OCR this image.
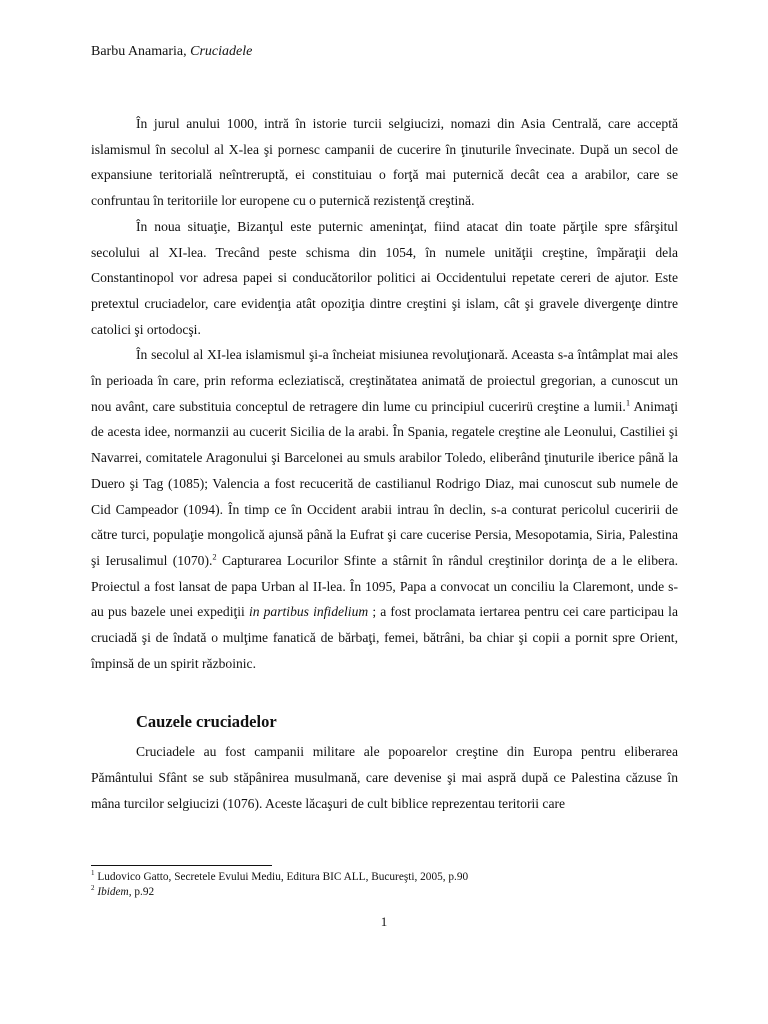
Barbu Anamaria, Cruciadele

În jurul anului 1000, intră în istorie turcii selgiucizi, nomazi din Asia Centrală, care acceptă islamismul în secolul al X-lea şi pornesc campanii de cucerire în ţinuturile învecinate. După un secol de expansiune teritorială neîntreruptă, ei constituiau o forţă mai puternică decât cea a arabilor, care se confruntau în teritoriile lor europene cu o puternică rezistenţă creştină.

În noua situaţie, Bizanţul este puternic ameninţat, fiind atacat din toate părţile spre sfârşitul secolului al XI-lea. Trecând peste schisma din 1054, în numele unităţii creştine, împăraţii dela Constantinopol vor adresa papei si conducătorilor politici ai Occidentului repetate cereri de ajutor. Este pretextul cruciadelor, care evidenţia atât opoziţia dintre creştini şi islam, cât şi gravele divergenţe dintre catolici şi ortodocşi.

În secolul al XI-lea islamismul şi-a încheiat misiunea revoluţionară. Aceasta s-a întâmplat mai ales în perioada în care, prin reforma ecleziatiscă, creştinătatea animată de proiectul gregorian, a cunoscut un nou avânt, care substituia conceptul de retragere din lume cu principiul cucerirü creştine a lumii.$^1$ Animaţi de acesta idee, normanzii au cucerit Sicilia de la arabi. În Spania, regatele creştine ale Leonului, Castiliei şi Navarrei, comitatele Aragonului şi Barcelonei au smuls arabilor Toledo, eliberând ţinuturile iberice până la Duero şi Tag (1085); Valencia a fost recucerită de castilianul Rodrigo Diaz, mai cunoscut sub numele de Cid Campeador (1094). În timp ce în Occident arabii intrau în declin, s-a conturat pericolul cuceririi de către turci, populaţie mongolică ajunsă până la Eufrat şi care cucerise Persia, Mesopotamia, Siria, Palestina şi Ierusalimul (1070).$^2$ Capturarea Locurilor Sfinte a stârnit în rândul creştinilor dorinţa de a le elibera. Proiectul a fost lansat de papa Urban al II-lea. În 1095, Papa a convocat un conciliu la Claremont, unde s-au pus bazele unei expediţii in partibus infidelium ; a fost proclamata iertarea pentru cei care participau la cruciadă şi de îndată o mulţime fanatică de bărbaţi, femei, bătrâni, ba chiar şi copii a pornit spre Orient, împinsă de un spirit războinic.

Cauzele cruciadelor

Cruciadele au fost campanii militare ale popoarelor creştine din Europa pentru eliberarea Pământului Sfânt se sub stăpânirea musulmană, care devenise şi mai aspră după ce Palestina căzuse în mâna turcilor selgiucizi (1076). Aceste lăcaşuri de cult biblice reprezentau teritorii care

$^1$ Ludovico Gatto, Secretele Evului Mediu, Editura BIC ALL, Bucureşti, 2005, p.90
$^2$ Ibidem, p.92
1
